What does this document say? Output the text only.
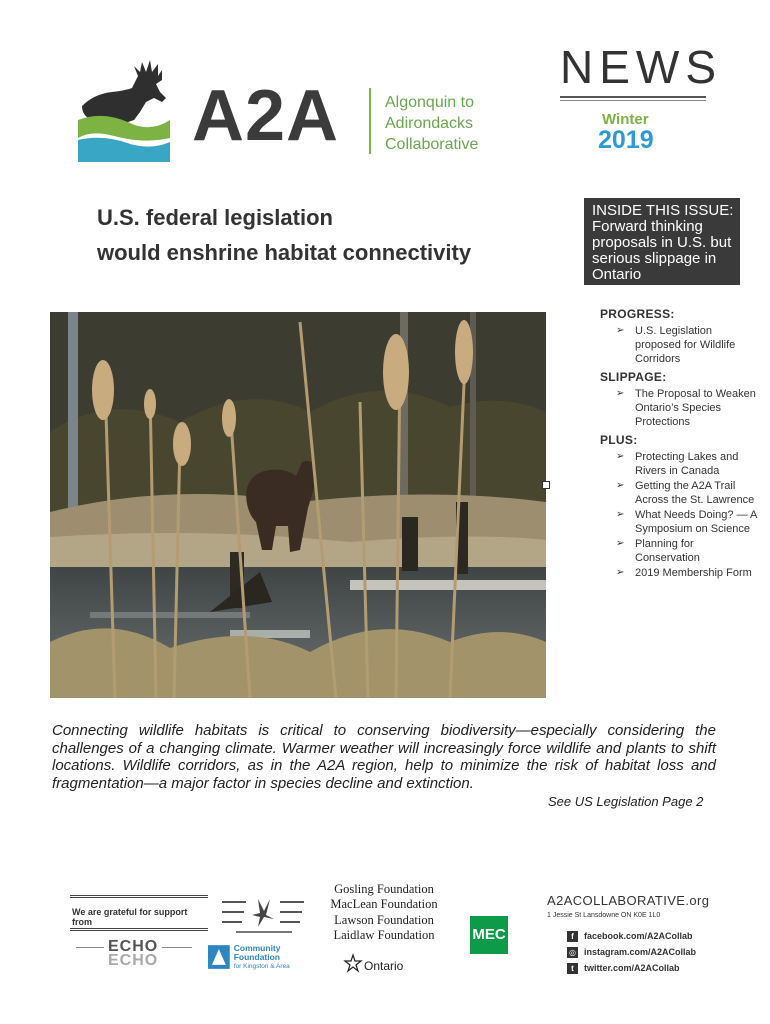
A2A	Algonquin to
Adirondacks
Collaborative
NEWS
Winter
2019
U.S. federal legislation
would enshrine habitat connectivity
INSIDE THIS ISSUE: Forward thinking proposals in U.S. but serious slippage in Ontario
PROGRESS:
➢ U.S. Legislation proposed for Wildlife Corridors
SLIPPAGE:
➢ The Proposal to Weaken Ontario’s Species Protections
PLUS:
➢ Protecting Lakes and Rivers in Canada
➢ Getting the A2A Trail Across the St. Lawrence
➢ What Needs Doing? — A Symposium on Science
➢ Planning for Conservation
➢ 2019 Membership Form
Connecting wildlife habitats is critical to conserving biodiversity—especially considering the challenges of a changing climate. Warmer weather will increasingly force wildlife and plants to shift locations. Wildlife corridors, as in the A2A region, help to minimize the risk of habitat loss and fragmentation—a major factor in species decline and extinction.
See US Legislation Page 2
We are grateful for support from
ECHO
ECHO
Community Foundation
for Kingston & Area
Gosling Foundation
MacLean Foundation
Lawson Foundation
Laidlaw Foundation
Ontario
MEC
A2ACOLLABORATIVE.org
1 Jessie St Lansdowne ON K0E 1L0
f facebook.com/A2ACollab
◎ instagram.com/A2ACollab
t twitter.com/A2ACollab
